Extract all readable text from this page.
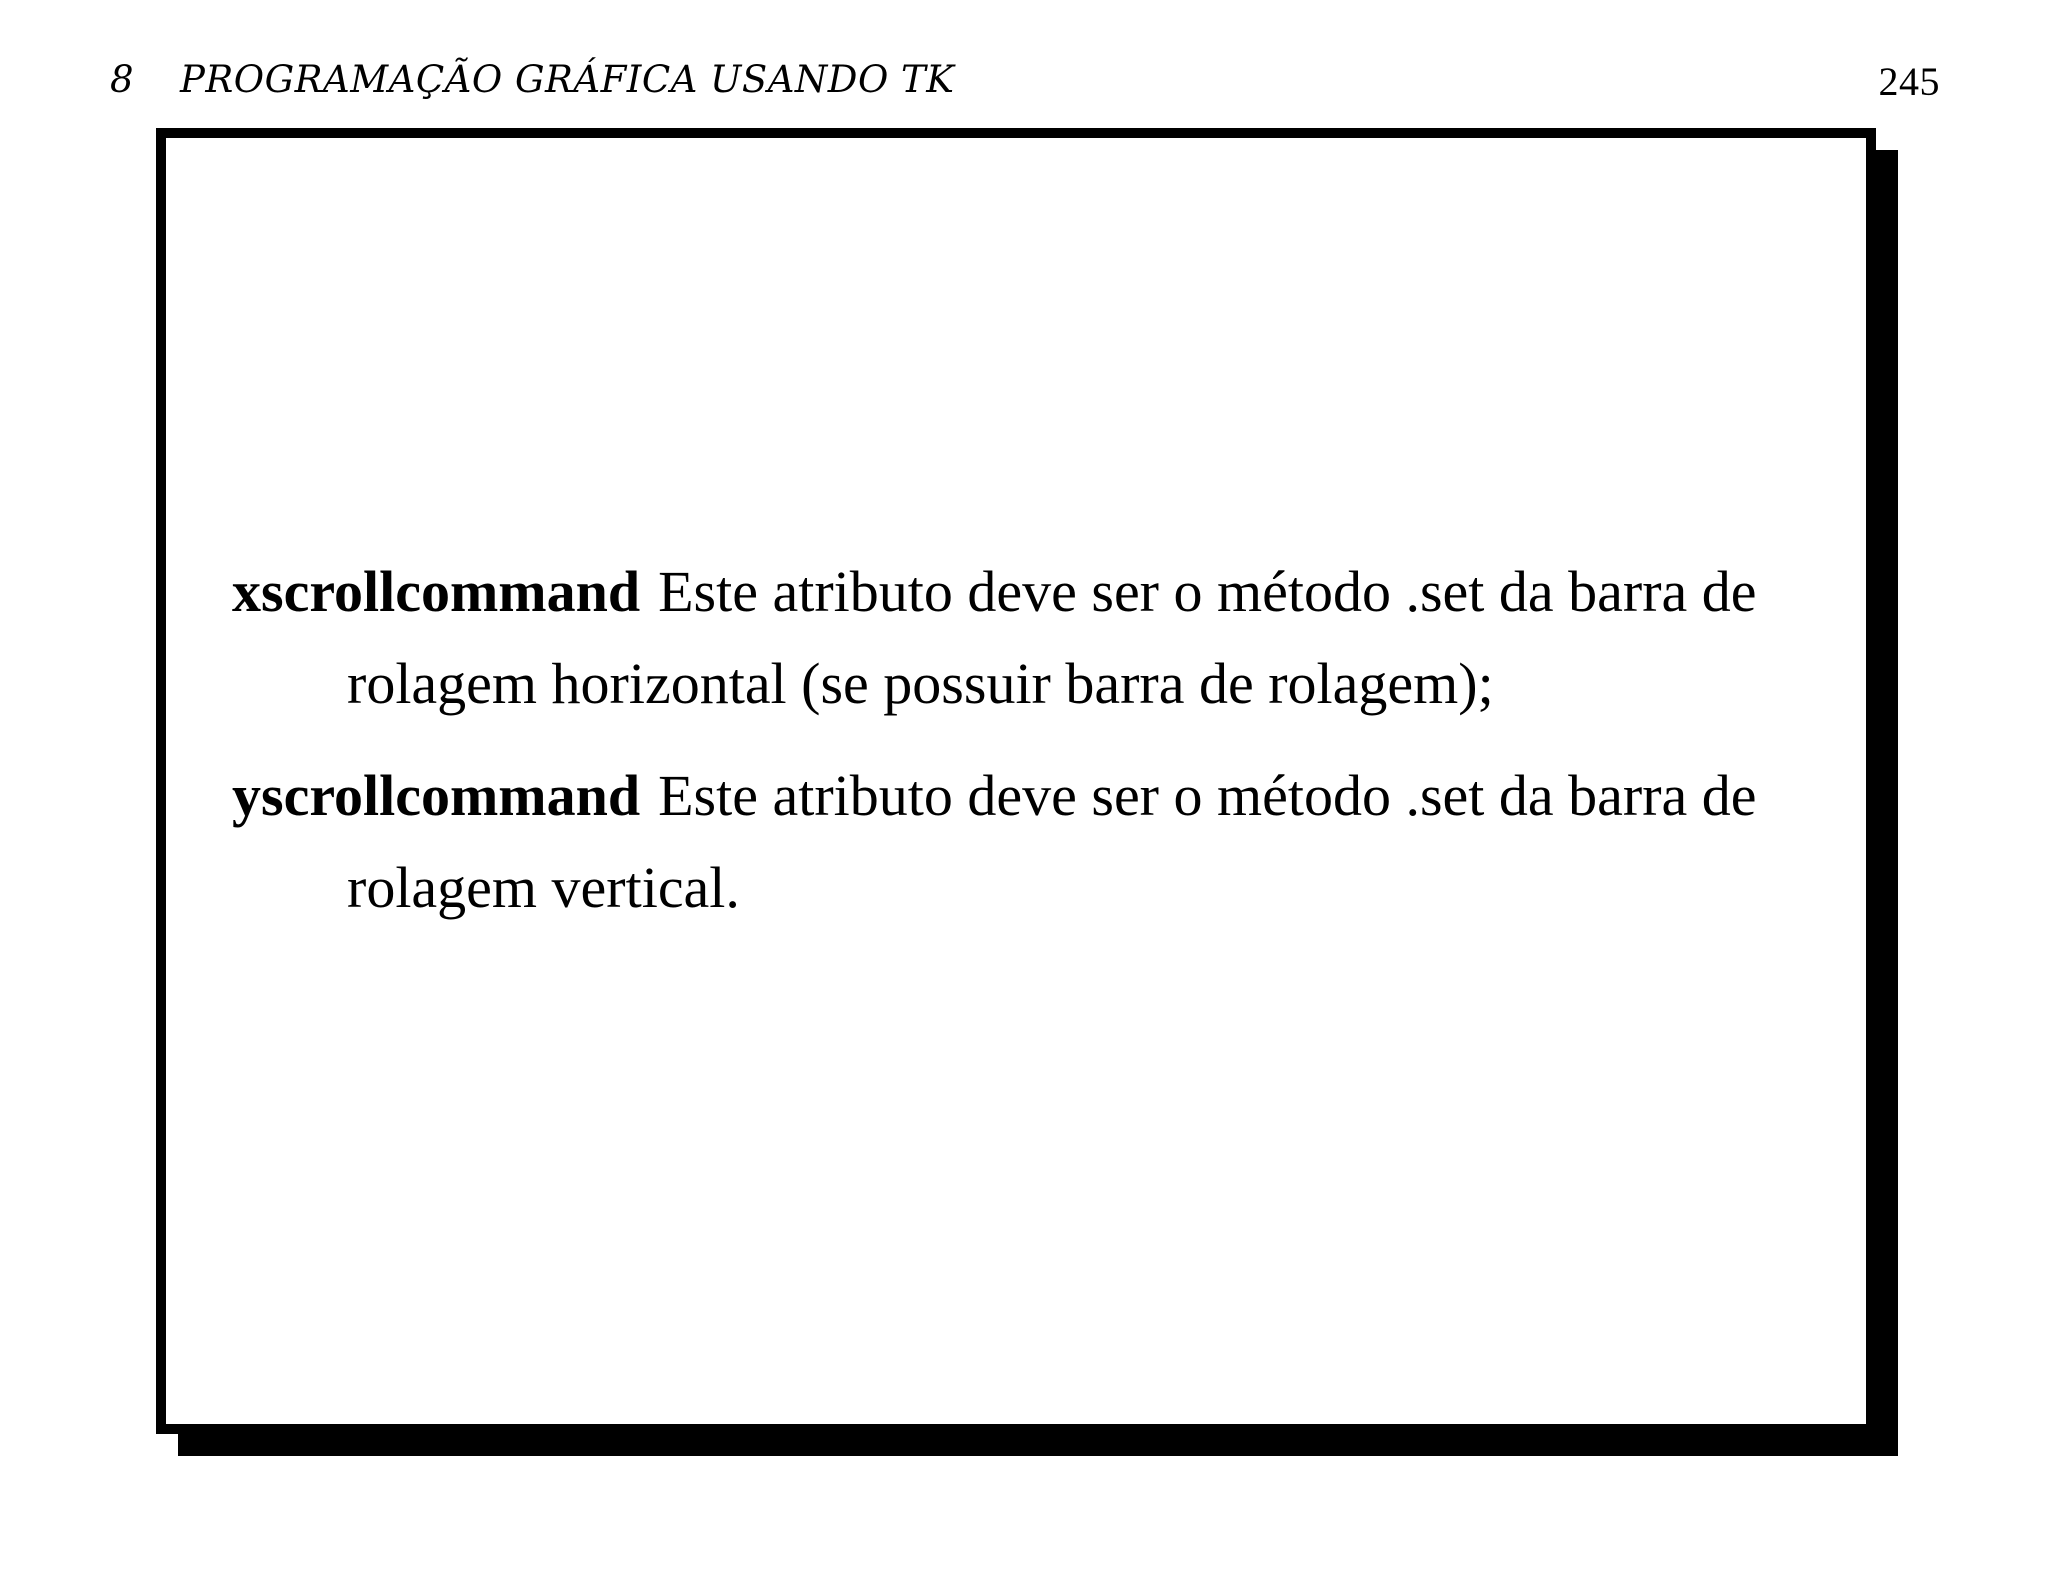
8 PROGRAMAÇÃO GRÁFICA USANDO TK	245
xscrollcommand Este atributo deve ser o método .set da barra de rolagem horizontal (se possuir barra de rolagem);
yscrollcommand Este atributo deve ser o método .set da barra de rolagem vertical.
